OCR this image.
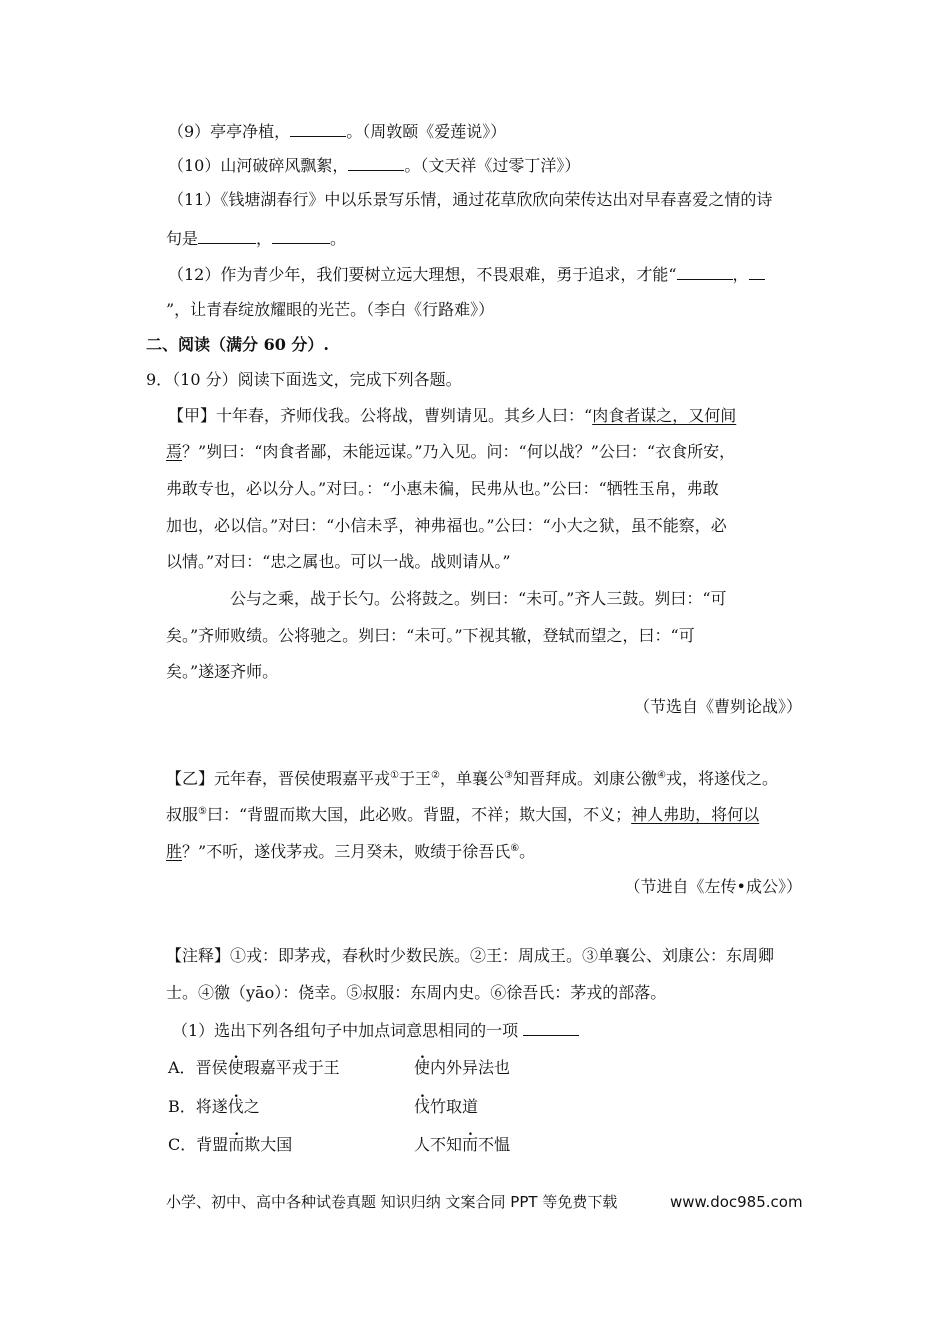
（9）亭亭净植，	。（周敦颐《爱莲说》）
（10）山河破碎风飘絮，	。（文天祥《过零丁洋》）
（11）《钱塘湖春行》中以乐景写乐情，通过花草欣欣向荣传达出对早春喜爱之情的诗
句是	，	。
（12）作为青少年，我们要树立远大理想，不畏艰难，勇于追求，才能“	，
”，让青春绽放耀眼的光芒。（李白《行路难》）
二、阅读（满分 60 分）.
9．（10 分）阅读下面选文，完成下列各题。
【甲】十年春，齐师伐我。公将战，曹刿请见。其乡人曰：“肉食者谋之，又何间
焉？”刿曰：“肉食者鄙，未能远谋。”乃入见。问：“何以战？”公曰：“衣食所安，
弗敢专也，必以分人。”对曰。：“小惠未徧，民弗从也。”公曰：“牺牲玉帛，弗敢
加也，必以信。”对曰：“小信未孚，神弗福也。”公曰：“小大之狱，虽不能察，必
以情。”对曰：“忠之属也。可以一战。战则请从。”
公与之乘，战于长勺。公将鼓之。刿曰：“未可。”齐人三鼓。刿曰：“可
矣。”齐师败绩。公将驰之。刿曰：“未可。”下视其辙，登轼而望之，曰：“可
矣。”遂逐齐师。
（节选自《曹刿论战》）
【乙】元年春，晋侯使瑕嘉平戎①于王②，单襄公③知晋拜成。刘康公徼④戎，将遂伐之。
叔服⑤曰：“背盟而欺大国，此必败。背盟，不祥；欺大国，不义；神人弗助，将何以
胜？”不听，遂伐茅戎。三月癸未，败绩于徐吾氏⑥。
（节进自《左传•成公》）
【注释】①戎：即茅戎，春秋时少数民族。②王：周成王。③单襄公、刘康公：东周卿
士。④徼（yāo）：侥幸。⑤叔服：东周内史。⑥徐吾氏：茅戎的部落。
（1）选出下列各组句子中加点词意思相同的一项
A．晋侯使瑕嘉平戎于王	使内外异法也
B．将遂伐之	伐竹取道
C．背盟而欺大国	人不知而不愠
小学、初中、高中各种试卷真题 知识归纳 文案合同 PPT 等免费下载	www.doc985.com
